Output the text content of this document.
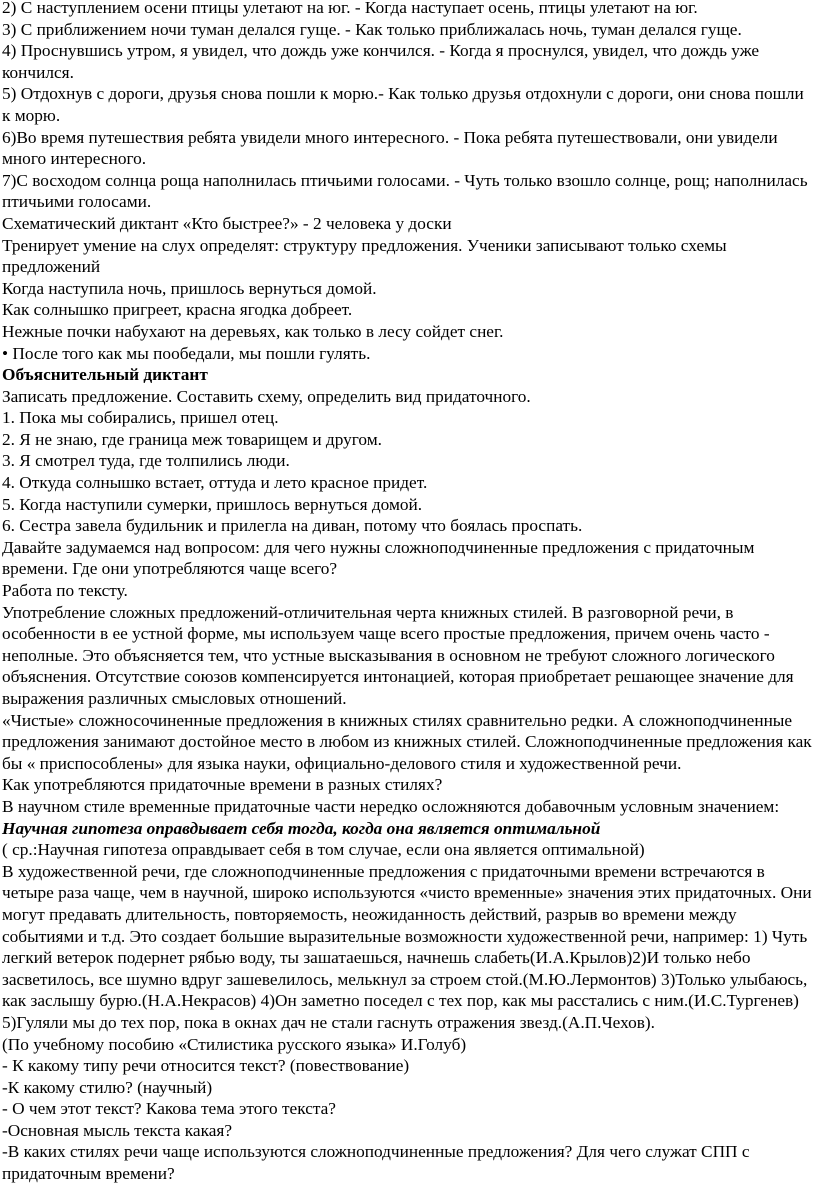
2) С наступлением осени птицы улетают на юг. - Когда наступает осень, птицы улетают на юг.

3) С приближением ночи туман делался гуще. - Как только приближалась ночь, туман делался гуще.

4) Проснувшись утром, я увидел, что дождь уже кончился. - Когда я проснулся, увидел, что дождь уже кончился.

5) Отдохнув с дороги, друзья снова пошли к морю.- Как только друзья отдохнули с дороги, они снова пошли к морю.

6)Во время путешествия ребята увидели много интересного. - Пока ребята путешествовали, они увидели много интересного.

7)С восходом солнца роща наполнилась птичьими голосами. - Чуть только взошло солнце, рощ; наполнилась птичьими голосами.

Схематический диктант «Кто быстрее?» - 2 человека у доски

Тренирует умение на слух определят: структуру предложения. Ученики записывают только схемы предложений

Когда наступила ночь, пришлось вернуться домой.

Как солнышко пригреет, красна ягодка добреет.

Нежные почки набухают на деревьях, как только в лесу сойдет снег.

• После того как мы пообедали, мы пошли гулять.

Объяснительный диктант

Записать предложение. Составить схему, определить вид придаточного.

1. Пока мы собирались, пришел отец.

2. Я не знаю, где граница меж товарищем и другом.

3. Я смотрел туда, где толпились люди.

4. Откуда солнышко встает, оттуда и лето красное придет.

5. Когда наступили сумерки, пришлось вернуться домой.

6. Сестра завела будильник и прилегла на диван, потому что боялась проспать.

Давайте задумаемся над вопросом: для чего нужны сложноподчиненные предложения с придаточным времени. Где они употребляются чаще всего?

Работа по тексту.

Употребление сложных предложений-отличительная черта книжных стилей. В разговорной речи, в особенности в ее устной форме, мы используем чаще всего простые предложения, причем очень часто - неполные. Это объясняется тем, что устные высказывания в основном не требуют сложного логического объяснения. Отсутствие союзов компенсируется интонацией, которая приобретает решающее значение для выражения различных смысловых отношений.

«Чистые» сложносочиненные предложения в книжных стилях сравнительно редки. А сложноподчиненные предложения занимают достойное место в любом из книжных стилей. Сложноподчиненные предложения как бы « приспособлены» для языка науки, официально-делового стиля и художественной речи.

Как употребляются придаточные времени в разных стилях?

В научном стиле временные придаточные части нередко осложняются добавочным условным значением:

Научная гипотеза оправдывает себя тогда, когда она является оптимальной

( ср.:Научная гипотеза оправдывает себя в том случае, если она является оптимальной)

В художественной речи, где сложноподчиненные предложения с придаточными времени встречаются в четыре раза чаще, чем в научной, широко используются «чисто временные» значения этих придаточных. Они могут предавать длительность, повторяемость, неожиданность действий, разрыв во времени между событиями и т.д. Это создает большие выразительные возможности художественной речи, например: 1) Чуть легкий ветерок подернет рябью воду, ты зашатаешься, начнешь слабеть(И.А.Крылов)2)И только небо засветилось, все шумно вдруг зашевелилось, мелькнул за строем стой.(М.Ю.Лермонтов) 3)Только улыбаюсь, как заслышу бурю.(Н.А.Некрасов) 4)Он заметно поседел с тех пор, как мы расстались с ним.(И.С.Тургенев) 5)Гуляли мы до тех пор, пока в окнах дач не стали гаснуть отражения звезд.(А.П.Чехов).

(По учебному пособию «Стилистика русского языка» И.Голуб)

- К какому типу речи относится текст? (повествование)

-К какому стилю? (научный)

- О чем этот текст? Какова тема этого текста?

-Основная мысль текста какая?

-В каких стилях речи чаще используются сложноподчиненные предложения? Для чего служат СПП с придаточным времени?
